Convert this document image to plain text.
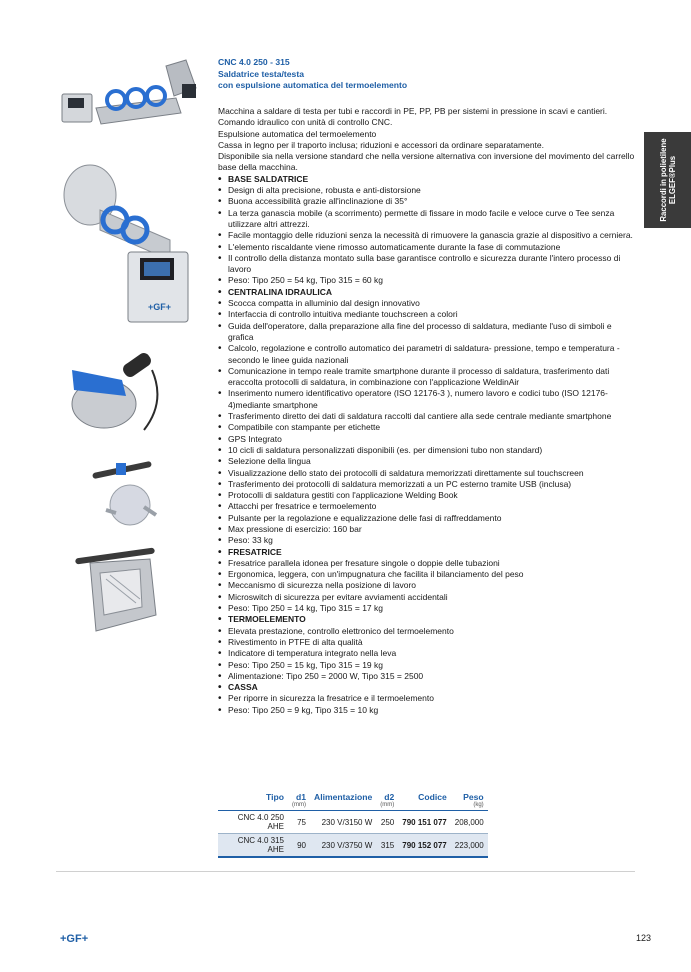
+GF+
CNC 4.0 250 - 315
Saldatrice testa/testa
con espulsione automatica del termoelemento
Raccordi in polietilene ELGEF®Plus

Macchina a saldare di testa per tubi e raccordi in PE, PP, PB per sistemi in pressione in scavi e cantieri.

Comando idraulico con unità di controllo CNC.

Espulsione automatica del termoelemento

Cassa in legno per il traporto inclusa; riduzioni e accessori da ordinare separatamente.

Disponibile sia nella versione standard che nella versione alternativa con inversione del movimento del carrello base della macchina.

• BASE SALDATRICE
• Design di alta precisione, robusta e anti-distorsione
• Buona accessibilità grazie all'inclinazione di 35°
• La terza ganascia mobile (a scorrimento) permette di fissare in modo facile e veloce curve o Tee senza utilizzare altri attrezzi.
• Facile montaggio delle riduzioni senza la necessità di rimuovere la ganascia grazie al dispositivo a cerniera.
• L'elemento riscaldante viene rimosso automaticamente durante la fase di commutazione
• Il controllo della distanza montato sulla base garantisce controllo e sicurezza durante l'intero processo di lavoro
• Peso: Tipo 250 = 54 kg, Tipo 315 = 60 kg
• CENTRALINA IDRAULICA
• Scocca compatta in alluminio dal design innovativo
• Interfaccia di controllo intuitiva mediante touchscreen a colori
• Guida dell'operatore, dalla preparazione alla fine del processo di saldatura, mediante l'uso di simboli e grafica
• Calcolo, regolazione e controllo automatico dei parametri di saldatura- pressione, tempo e temperatura - secondo le linee guida nazionali
• Comunicazione in tempo reale tramite smartphone durante il processo di saldatura, trasferimento dati eraccolta protocolli di saldatura, in combinazione con l'applicazione WeldinAir
• Inserimento numero identificativo operatore (ISO 12176-3 ), numero lavoro e codici tubo (ISO 12176-4)mediante smartphone
• Trasferimento diretto dei dati di saldatura raccolti dal cantiere alla sede centrale mediante smartphone
• Compatibile con stampante per etichette
• GPS Integrato
• 10 cicli di saldatura personalizzati disponibili (es. per dimensioni tubo non standard)
• Selezione della lingua
• Visualizzazione dello stato dei protocolli di saldatura memorizzati direttamente sul touchscreen
• Trasferimento dei protocolli di saldatura memorizzati a un PC esterno tramite USB (inclusa)
• Protocolli di saldatura gestiti con l'applicazione Welding Book
• Attacchi per fresatrice e termoelemento
• Pulsante per la regolazione e equalizzazione delle fasi di raffreddamento
• Max pressione di esercizio: 160 bar
• Peso: 33 kg
• FRESATRICE
• Fresatrice parallela idonea per fresature singole o doppie delle tubazioni
• Ergonomica, leggera, con un'impugnatura che facilita il bilanciamento del peso
• Meccanismo di sicurezza nella posizione di lavoro
• Microswitch di sicurezza per evitare avviamenti accidentali
• Peso: Tipo 250 = 14 kg, Tipo 315 = 17 kg
• TERMOELEMENTO
• Elevata prestazione, controllo elettronico del termoelemento
• Rivestimento in PTFE di alta qualità
• Indicatore di temperatura integrato nella leva
• Peso: Tipo 250 = 15 kg, Tipo 315 = 19 kg
• Alimentazione: Tipo 250 = 2000 W, Tipo 315 = 2500
• CASSA
• Per riporre in sicurezza la fresatrice e il termoelemento
• Peso: Tipo 250 = 9 kg, Tipo 315 = 10 kg
Tipo	d1	Alimentazione	d2	Codice	Peso
	(mm)		(mm)		(kg)
CNC 4.0 250 AHE	75	230 V/3150 W	250	790 151 077	208,000
CNC 4.0 315 AHE	90	230 V/3750 W	315	790 152 077	223,000
+GF+	123
